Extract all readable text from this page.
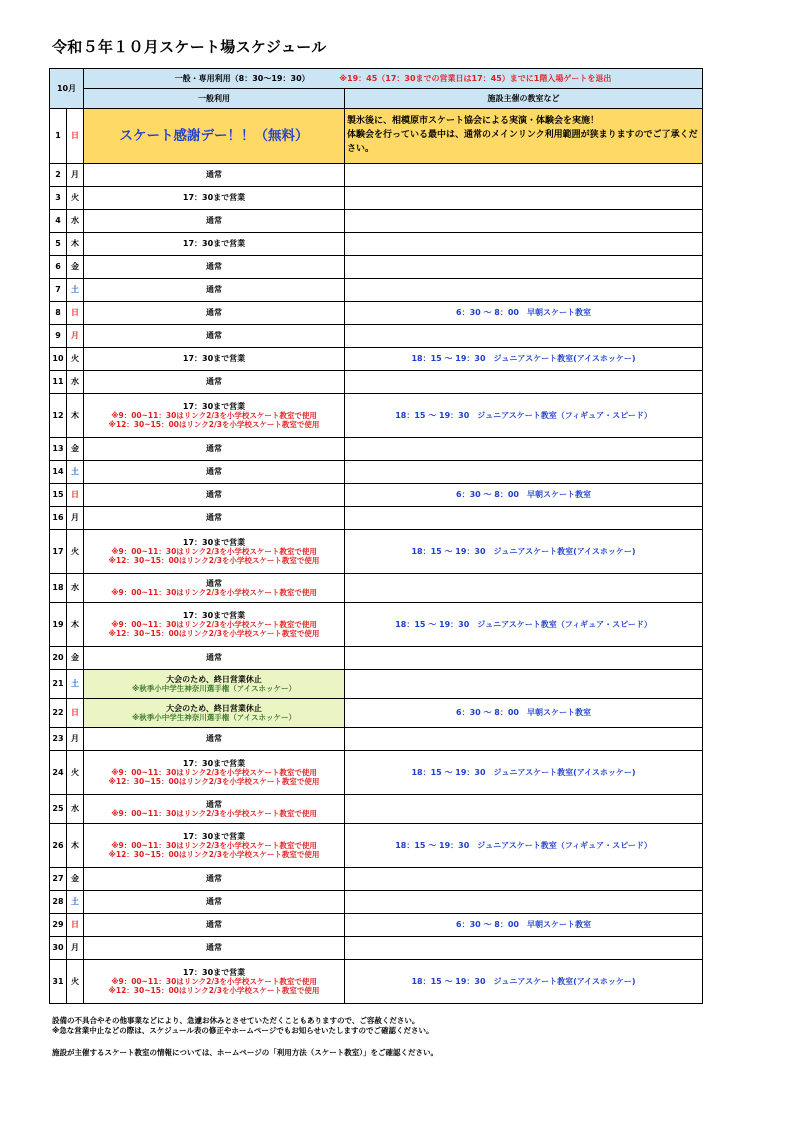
令和５年１０月スケート場スケジュール
10月		一般・専用利用（8：30～19：30） ※19：45（17：30までの営業日は17：45）までに1階入場ゲートを退出	
		一般利用	施設主催の教室など
1	日	スケート感謝デー！！（無料）	製氷後に、相模原市スケート協会による実演・体験会を実施！
体験会を行っている最中は、通常のメインリンク利用範囲が狭まりますのでご了承ください。

2	月	通常	

3	火	17：30まで営業	

4	水	通常	

5	木	17：30まで営業	

6	金	通常	

7	土	通常	

8	日	通常	6：30 ～ 8：00　早朝スケート教室

9	月	通常	

10	火	17：30まで営業	18：15 ～ 19：30　ジュニアスケート教室(アイスホッケー)

11	水	通常	

12	木	17：30まで営業
※9：00~11：30はリンク2/3を小学校スケート教室で使用
※12：30~15：00はリンク2/3を小学校スケート教室で使用	18：15 ～ 19：30　ジュニアスケート教室（フィギュア・スピード）

13	金	通常	

14	土	通常	

15	日	通常	6：30 ～ 8：00　早朝スケート教室

16	月	通常	

17	火	17：30まで営業
※9：00~11：30はリンク2/3を小学校スケート教室で使用
※12：30~15：00はリンク2/3を小学校スケート教室で使用	18：15 ～ 19：30　ジュニアスケート教室(アイスホッケー)

18	水	通常
※9：00~11：30はリンク2/3を小学校スケート教室で使用	

19	木	17：30まで営業
※9：00~11：30はリンク2/3を小学校スケート教室で使用
※12：30~15：00はリンク2/3を小学校スケート教室で使用	18：15 ～ 19：30　ジュニアスケート教室（フィギュア・スピード）

20	金	通常	

21	土	大会のため、終日営業休止
※秋季小中学生神奈川選手権（アイスホッケー）	

22	日	大会のため、終日営業休止
※秋季小中学生神奈川選手権（アイスホッケー）	6：30 ～ 8：00　早朝スケート教室

23	月	通常	

24	火	17：30まで営業
※9：00~11：30はリンク2/3を小学校スケート教室で使用
※12：30~15：00はリンク2/3を小学校スケート教室で使用	18：15 ～ 19：30　ジュニアスケート教室(アイスホッケー)

25	水	通常
※9：00~11：30はリンク2/3を小学校スケート教室で使用	

26	木	17：30まで営業
※9：00~11：30はリンク2/3を小学校スケート教室で使用
※12：30~15：00はリンク2/3を小学校スケート教室で使用	18：15 ～ 19：30　ジュニアスケート教室（フィギュア・スピード）

27	金	通常	

28	土	通常	

29	日	通常	6：30 ～ 8：00　早朝スケート教室

30	月	通常	

31	火	17：30まで営業
※9：00~11：30はリンク2/3を小学校スケート教室で使用
※12：30~15：00はリンク2/3を小学校スケート教室で使用	18：15 ～ 19：30　ジュニアスケート教室(アイスホッケー)
設備の不具合やその他事業などにより、急遽お休みとさせていただくこともありますので、ご容赦ください。
※急な営業中止などの際は、スケジュール表の修正やホームページでもお知らせいたしますのでご確認ください。
施設が主催するスケート教室の情報については、ホームページの「利用方法（スケート教室）」をご確認ください。
